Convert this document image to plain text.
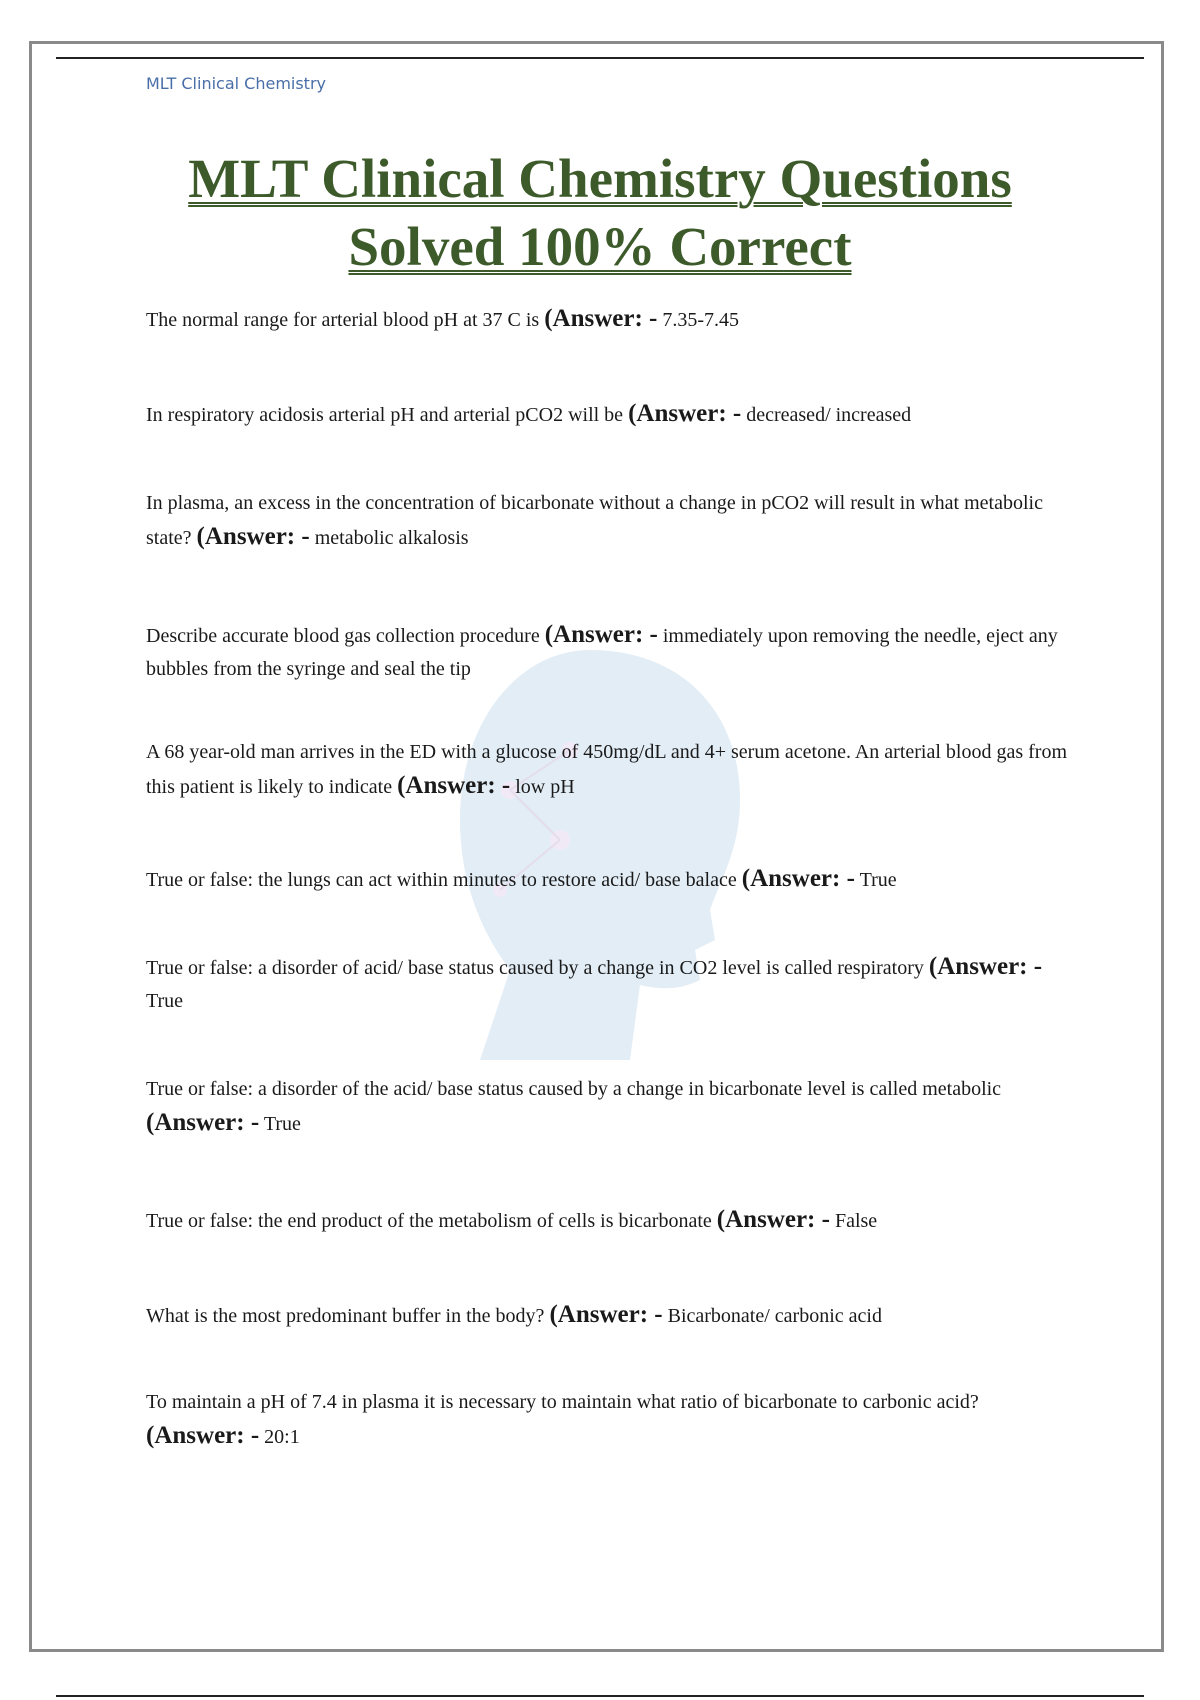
MLT Clinical Chemistry
MLT Clinical Chemistry Questions
Solved 100% Correct

The normal range for arterial blood pH at 37 C is (Answer: - 7.35-7.45

In respiratory acidosis arterial pH and arterial pCO2 will be (Answer: - decreased/ increased

In plasma, an excess in the concentration of bicarbonate without a change in pCO2 will result in what metabolic state? (Answer: - metabolic alkalosis

Describe accurate blood gas collection procedure (Answer: - immediately upon removing the needle, eject any bubbles from the syringe and seal the tip

A 68 year-old man arrives in the ED with a glucose of 450mg/dL and 4+ serum acetone. An arterial blood gas from this patient is likely to indicate (Answer: - low pH

True or false: the lungs can act within minutes to restore acid/ base balace (Answer: - True

True or false: a disorder of acid/ base status caused by a change in CO2 level is called respiratory (Answer: - True

True or false: a disorder of the acid/ base status caused by a change in bicarbonate level is called metabolic (Answer: - True

True or false: the end product of the metabolism of cells is bicarbonate (Answer: - False

What is the most predominant buffer in the body? (Answer: - Bicarbonate/ carbonic acid

To maintain a pH of 7.4 in plasma it is necessary to maintain what ratio of bicarbonate to carbonic acid? (Answer: - 20:1
